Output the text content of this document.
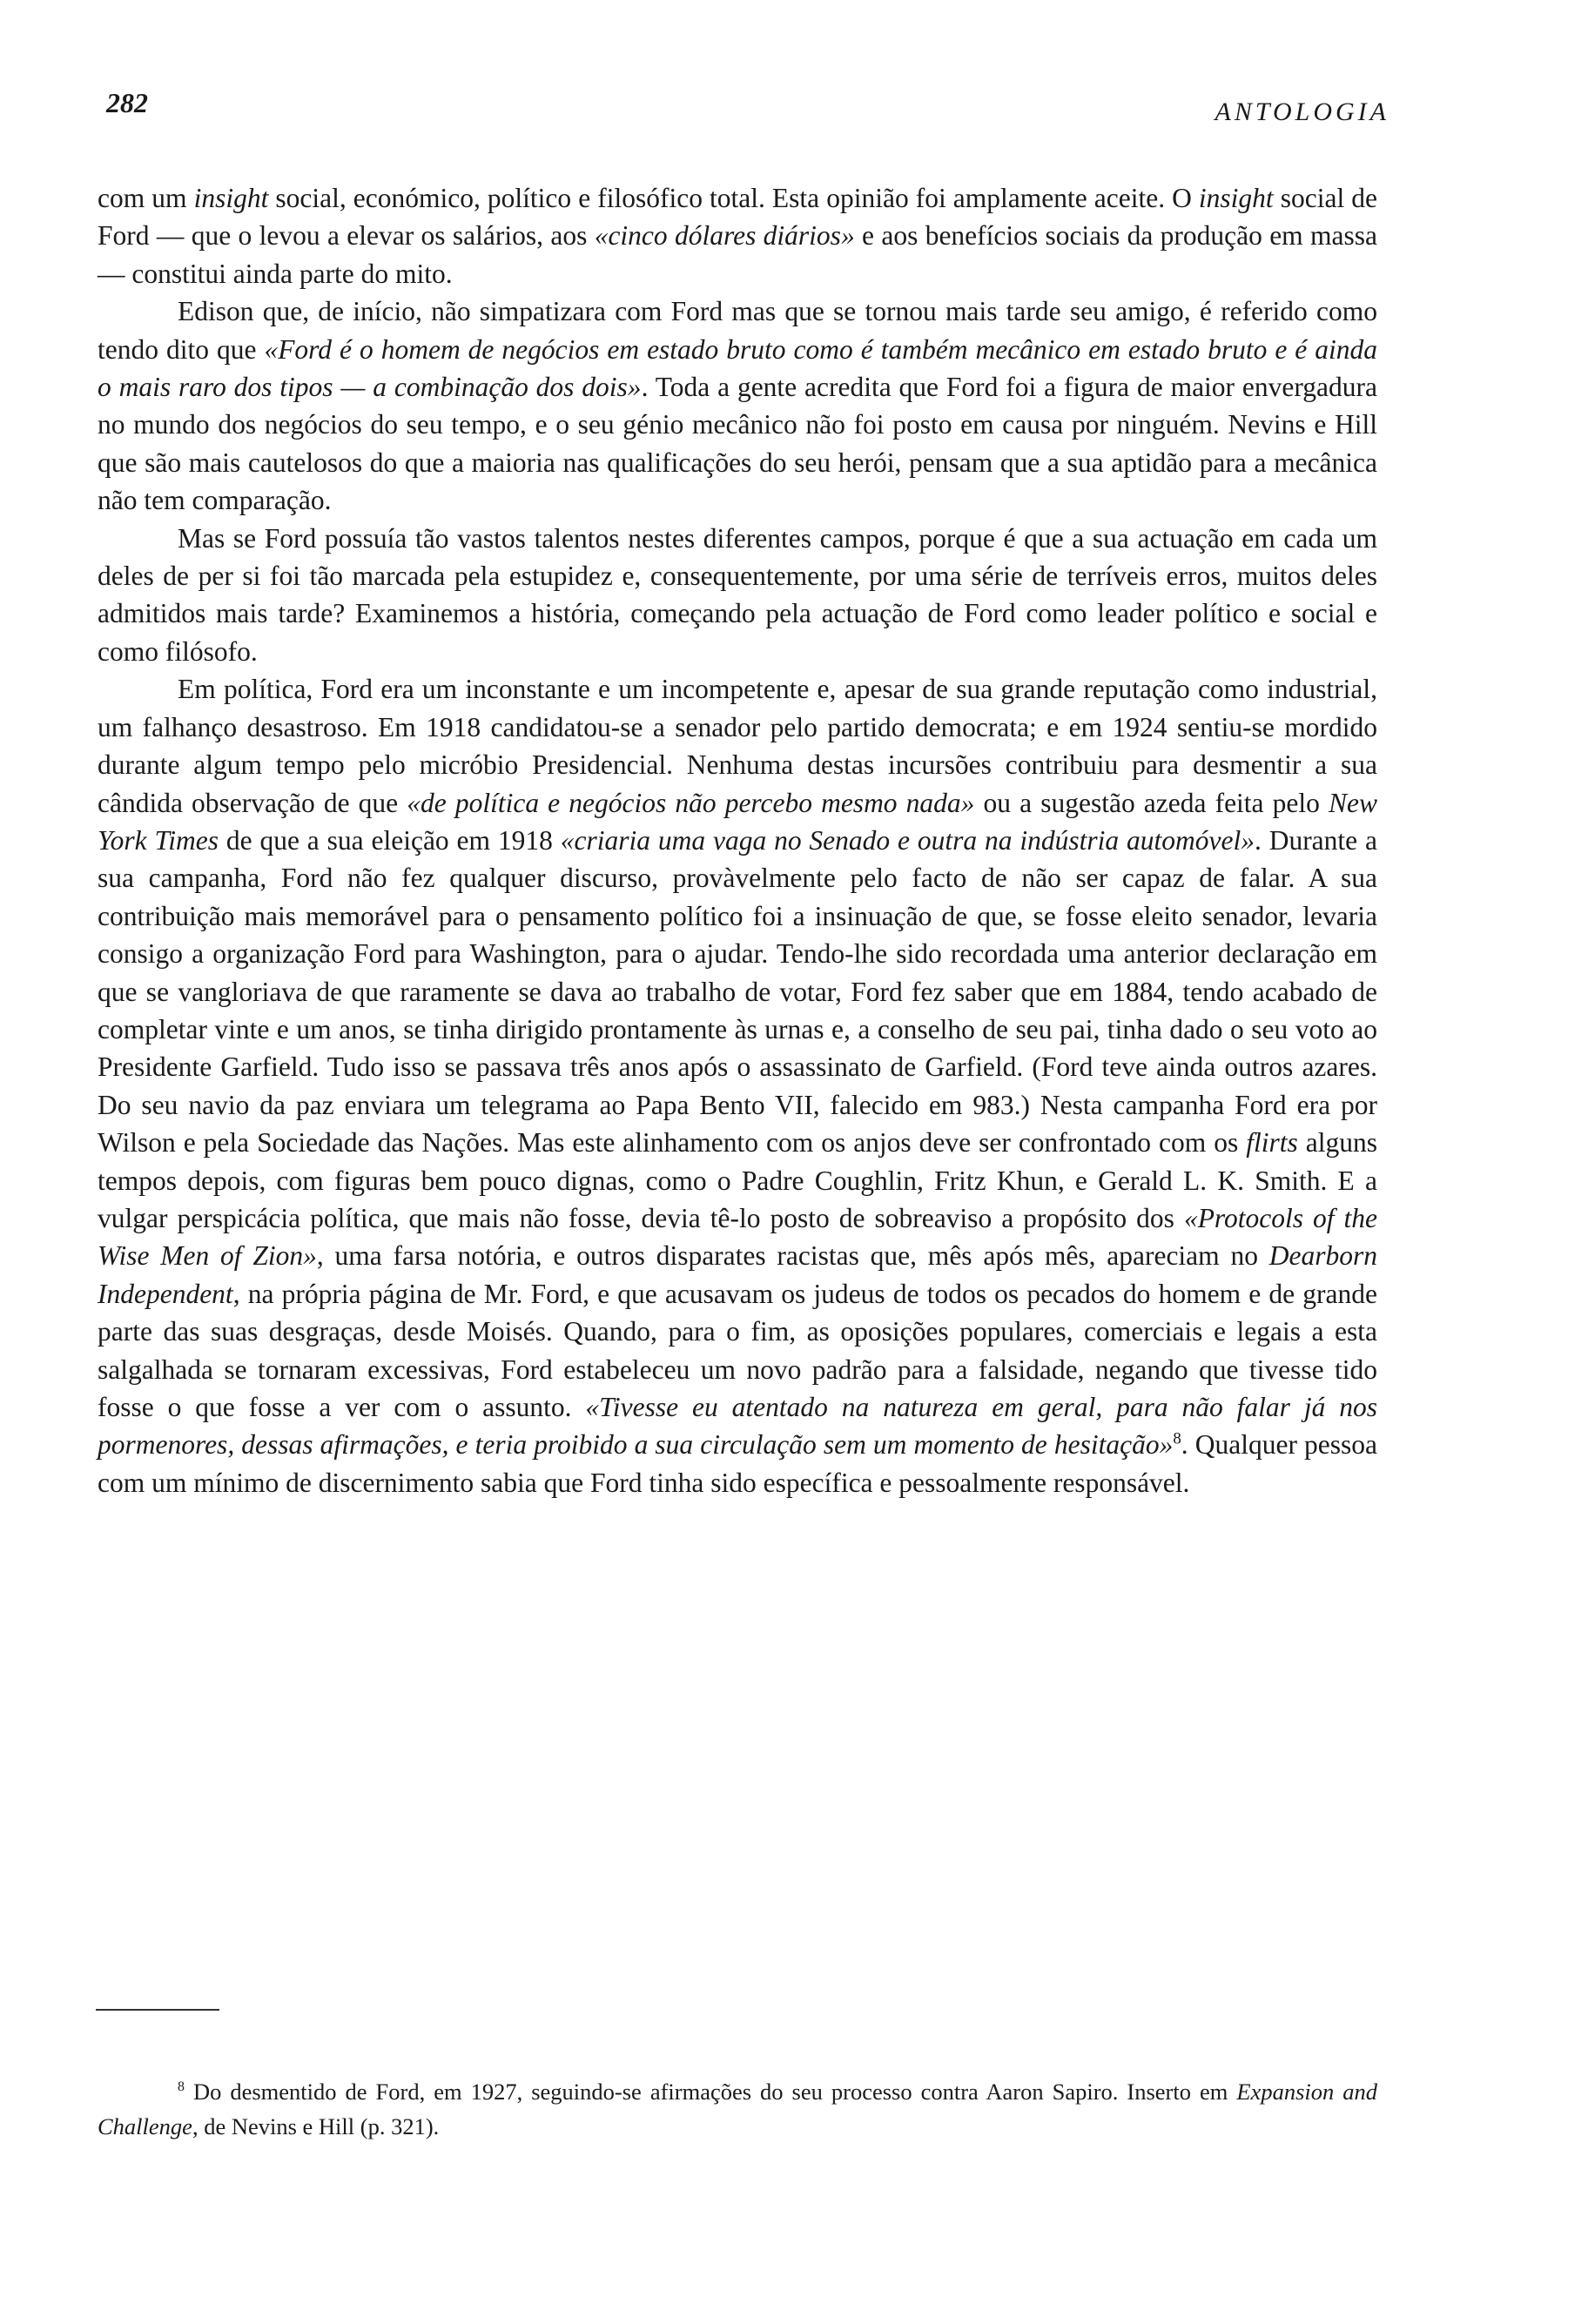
282	ANTOLOGIA

com um insight social, económico, político e filosófico total. Esta opinião foi amplamente aceite. O insight social de Ford — que o levou a elevar os salários, aos «cinco dólares diários» e aos benefícios sociais da produção em massa — constitui ainda parte do mito.

Edison que, de início, não simpatizara com Ford mas que se tornou mais tarde seu amigo, é referido como tendo dito que «Ford é o homem de negócios em estado bruto como é também mecânico em estado bruto e é ainda o mais raro dos tipos — a combinação dos dois». Toda a gente acredita que Ford foi a figura de maior envergadura no mundo dos negócios do seu tempo, e o seu génio mecânico não foi posto em causa por ninguém. Nevins e Hill que são mais cautelosos do que a maioria nas qualificações do seu herói, pensam que a sua aptidão para a mecânica não tem comparação.

Mas se Ford possuía tão vastos talentos nestes diferentes campos, porque é que a sua actuação em cada um deles de per si foi tão marcada pela estupidez e, consequentemente, por uma série de terríveis erros, muitos deles admitidos mais tarde? Examinemos a história, começando pela actuação de Ford como leader político e social e como filósofo.

Em política, Ford era um inconstante e um incompetente e, apesar de sua grande reputação como industrial, um falhanço desastroso. Em 1918 candidatou-se a senador pelo partido democrata; e em 1924 sentiu-se mordido durante algum tempo pelo micróbio Presidencial. Nenhuma destas incursões contribuiu para desmentir a sua cândida observação de que «de política e negócios não percebo mesmo nada» ou a sugestão azeda feita pelo New York Times de que a sua eleição em 1918 «criaria uma vaga no Senado e outra na indústria automóvel». Durante a sua campanha, Ford não fez qualquer discurso, provàvelmente pelo facto de não ser capaz de falar. A sua contribuição mais memorável para o pensamento político foi a insinuação de que, se fosse eleito senador, levaria consigo a organização Ford para Washington, para o ajudar. Tendo-lhe sido recordada uma anterior declaração em que se vangloriava de que raramente se dava ao trabalho de votar, Ford fez saber que em 1884, tendo acabado de completar vinte e um anos, se tinha dirigido prontamente às urnas e, a conselho de seu pai, tinha dado o seu voto ao Presidente Garfield. Tudo isso se passava três anos após o assassinato de Garfield. (Ford teve ainda outros azares. Do seu navio da paz enviara um telegrama ao Papa Bento VII, falecido em 983.) Nesta campanha Ford era por Wilson e pela Sociedade das Nações. Mas este alinhamento com os anjos deve ser confrontado com os flirts alguns tempos depois, com figuras bem pouco dignas, como o Padre Coughlin, Fritz Khun, e Gerald L. K. Smith. E a vulgar perspicácia política, que mais não fosse, devia tê-lo posto de sobreaviso a propósito dos «Protocols of the Wise Men of Zion», uma farsa notória, e outros disparates racistas que, mês após mês, apareciam no Dearborn Independent, na própria página de Mr. Ford, e que acusavam os judeus de todos os pecados do homem e de grande parte das suas desgraças, desde Moisés. Quando, para o fim, as oposições populares, comerciais e legais a esta salgalhada se tornaram excessivas, Ford estabeleceu um novo padrão para a falsidade, negando que tivesse tido fosse o que fosse a ver com o assunto. «Tivesse eu atentado na natureza em geral, para não falar já nos pormenores, dessas afirmações, e teria proibido a sua circulação sem um momento de hesitação»$^8$. Qualquer pessoa com um mínimo de discernimento sabia que Ford tinha sido específica e pessoalmente responsável.

$^8$ Do desmentido de Ford, em 1927, seguindo-se afirmações do seu processo contra Aaron Sapiro. Inserto em Expansion and Challenge, de Nevins e Hill (p. 321).
